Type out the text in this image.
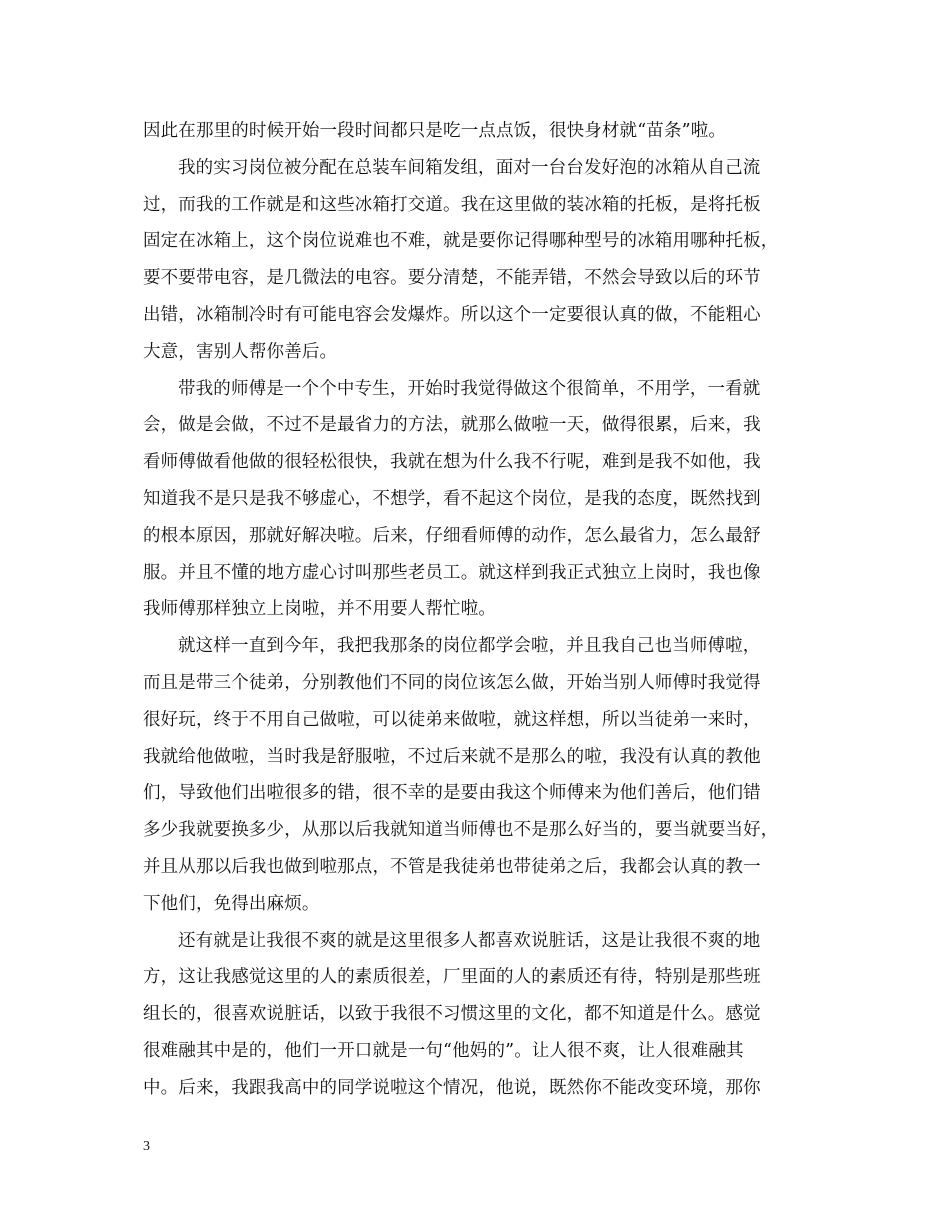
因此在那里的时候开始一段时间都只是吃一点点饭，很快身材就“苗条”啦。
我的实习岗位被分配在总装车间箱发组，面对一台台发好泡的冰箱从自己流
过，而我的工作就是和这些冰箱打交道。我在这里做的装冰箱的托板，是将托板
固定在冰箱上，这个岗位说难也不难，就是要你记得哪种型号的冰箱用哪种托板，
要不要带电容，是几微法的电容。要分清楚，不能弄错，不然会导致以后的环节
出错，冰箱制冷时有可能电容会发爆炸。所以这个一定要很认真的做，不能粗心
大意，害别人帮你善后。
带我的师傅是一个个中专生，开始时我觉得做这个很简单，不用学，一看就
会，做是会做，不过不是最省力的方法，就那么做啦一天，做得很累，后来，我
看师傅做看他做的很轻松很快，我就在想为什么我不行呢，难到是我不如他，我
知道我不是只是我不够虚心，不想学，看不起这个岗位，是我的态度，既然找到
的根本原因，那就好解决啦。后来，仔细看师傅的动作，怎么最省力，怎么最舒
服。并且不懂的地方虚心讨叫那些老员工。就这样到我正式独立上岗时，我也像
我师傅那样独立上岗啦，并不用要人帮忙啦。
就这样一直到今年，我把我那条的岗位都学会啦，并且我自己也当师傅啦，
而且是带三个徒弟，分别教他们不同的岗位该怎么做，开始当别人师傅时我觉得
很好玩，终于不用自己做啦，可以徒弟来做啦，就这样想，所以当徒弟一来时，
我就给他做啦，当时我是舒服啦，不过后来就不是那么的啦，我没有认真的教他
们，导致他们出啦很多的错，很不幸的是要由我这个师傅来为他们善后，他们错
多少我就要换多少，从那以后我就知道当师傅也不是那么好当的，要当就要当好，
并且从那以后我也做到啦那点，不管是我徒弟也带徒弟之后，我都会认真的教一
下他们，免得出麻烦。
还有就是让我很不爽的就是这里很多人都喜欢说脏话，这是让我很不爽的地
方，这让我感觉这里的人的素质很差，厂里面的人的素质还有待，特别是那些班
组长的，很喜欢说脏话，以致于我很不习惯这里的文化，都不知道是什么。感觉
很难融其中是的，他们一开口就是一句“他妈的”。让人很不爽，让人很难融其
中。后来，我跟我高中的同学说啦这个情况，他说，既然你不能改变环境，那你
3
